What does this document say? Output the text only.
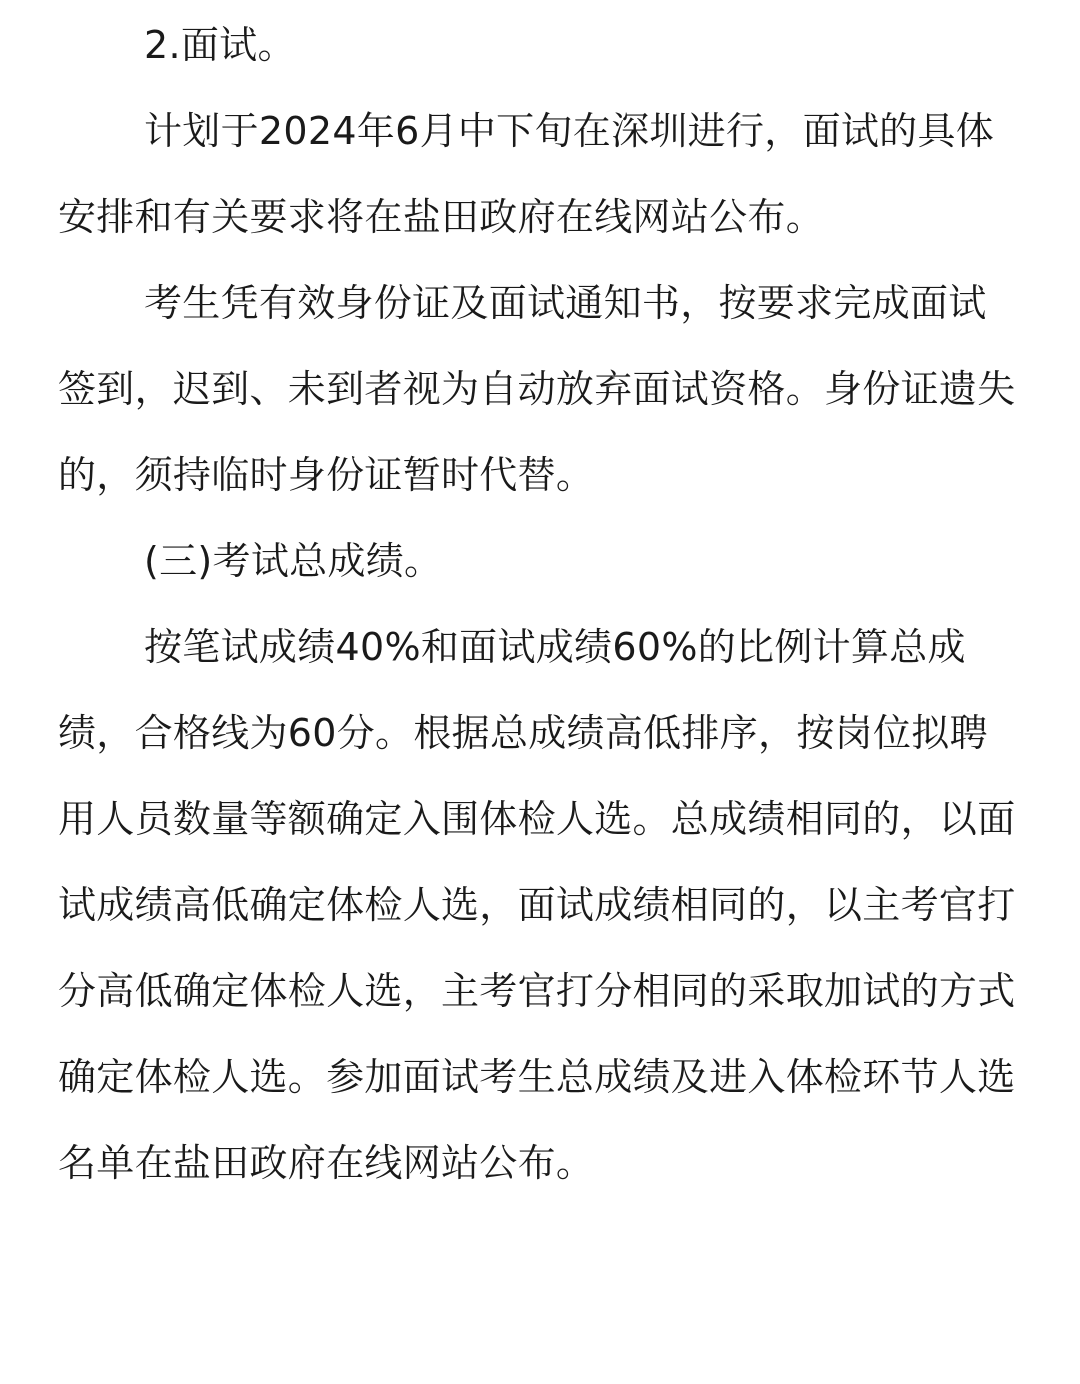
2.面试。

计划于2024年6月中下旬在深圳进行，面试的具体安排和有关要求将在盐田政府在线网站公布。

考生凭有效身份证及面试通知书，按要求完成面试签到，迟到、未到者视为自动放弃面试资格。身份证遗失的，须持临时身份证暂时代替。

(三)考试总成绩。

按笔试成绩40%和面试成绩60%的比例计算总成绩，合格线为60分。根据总成绩高低排序，按岗位拟聘用人员数量等额确定入围体检人选。总成绩相同的，以面试成绩高低确定体检人选，面试成绩相同的，以主考官打分高低确定体检人选，主考官打分相同的采取加试的方式确定体检人选。参加面试考生总成绩及进入体检环节人选名单在盐田政府在线网站公布。
